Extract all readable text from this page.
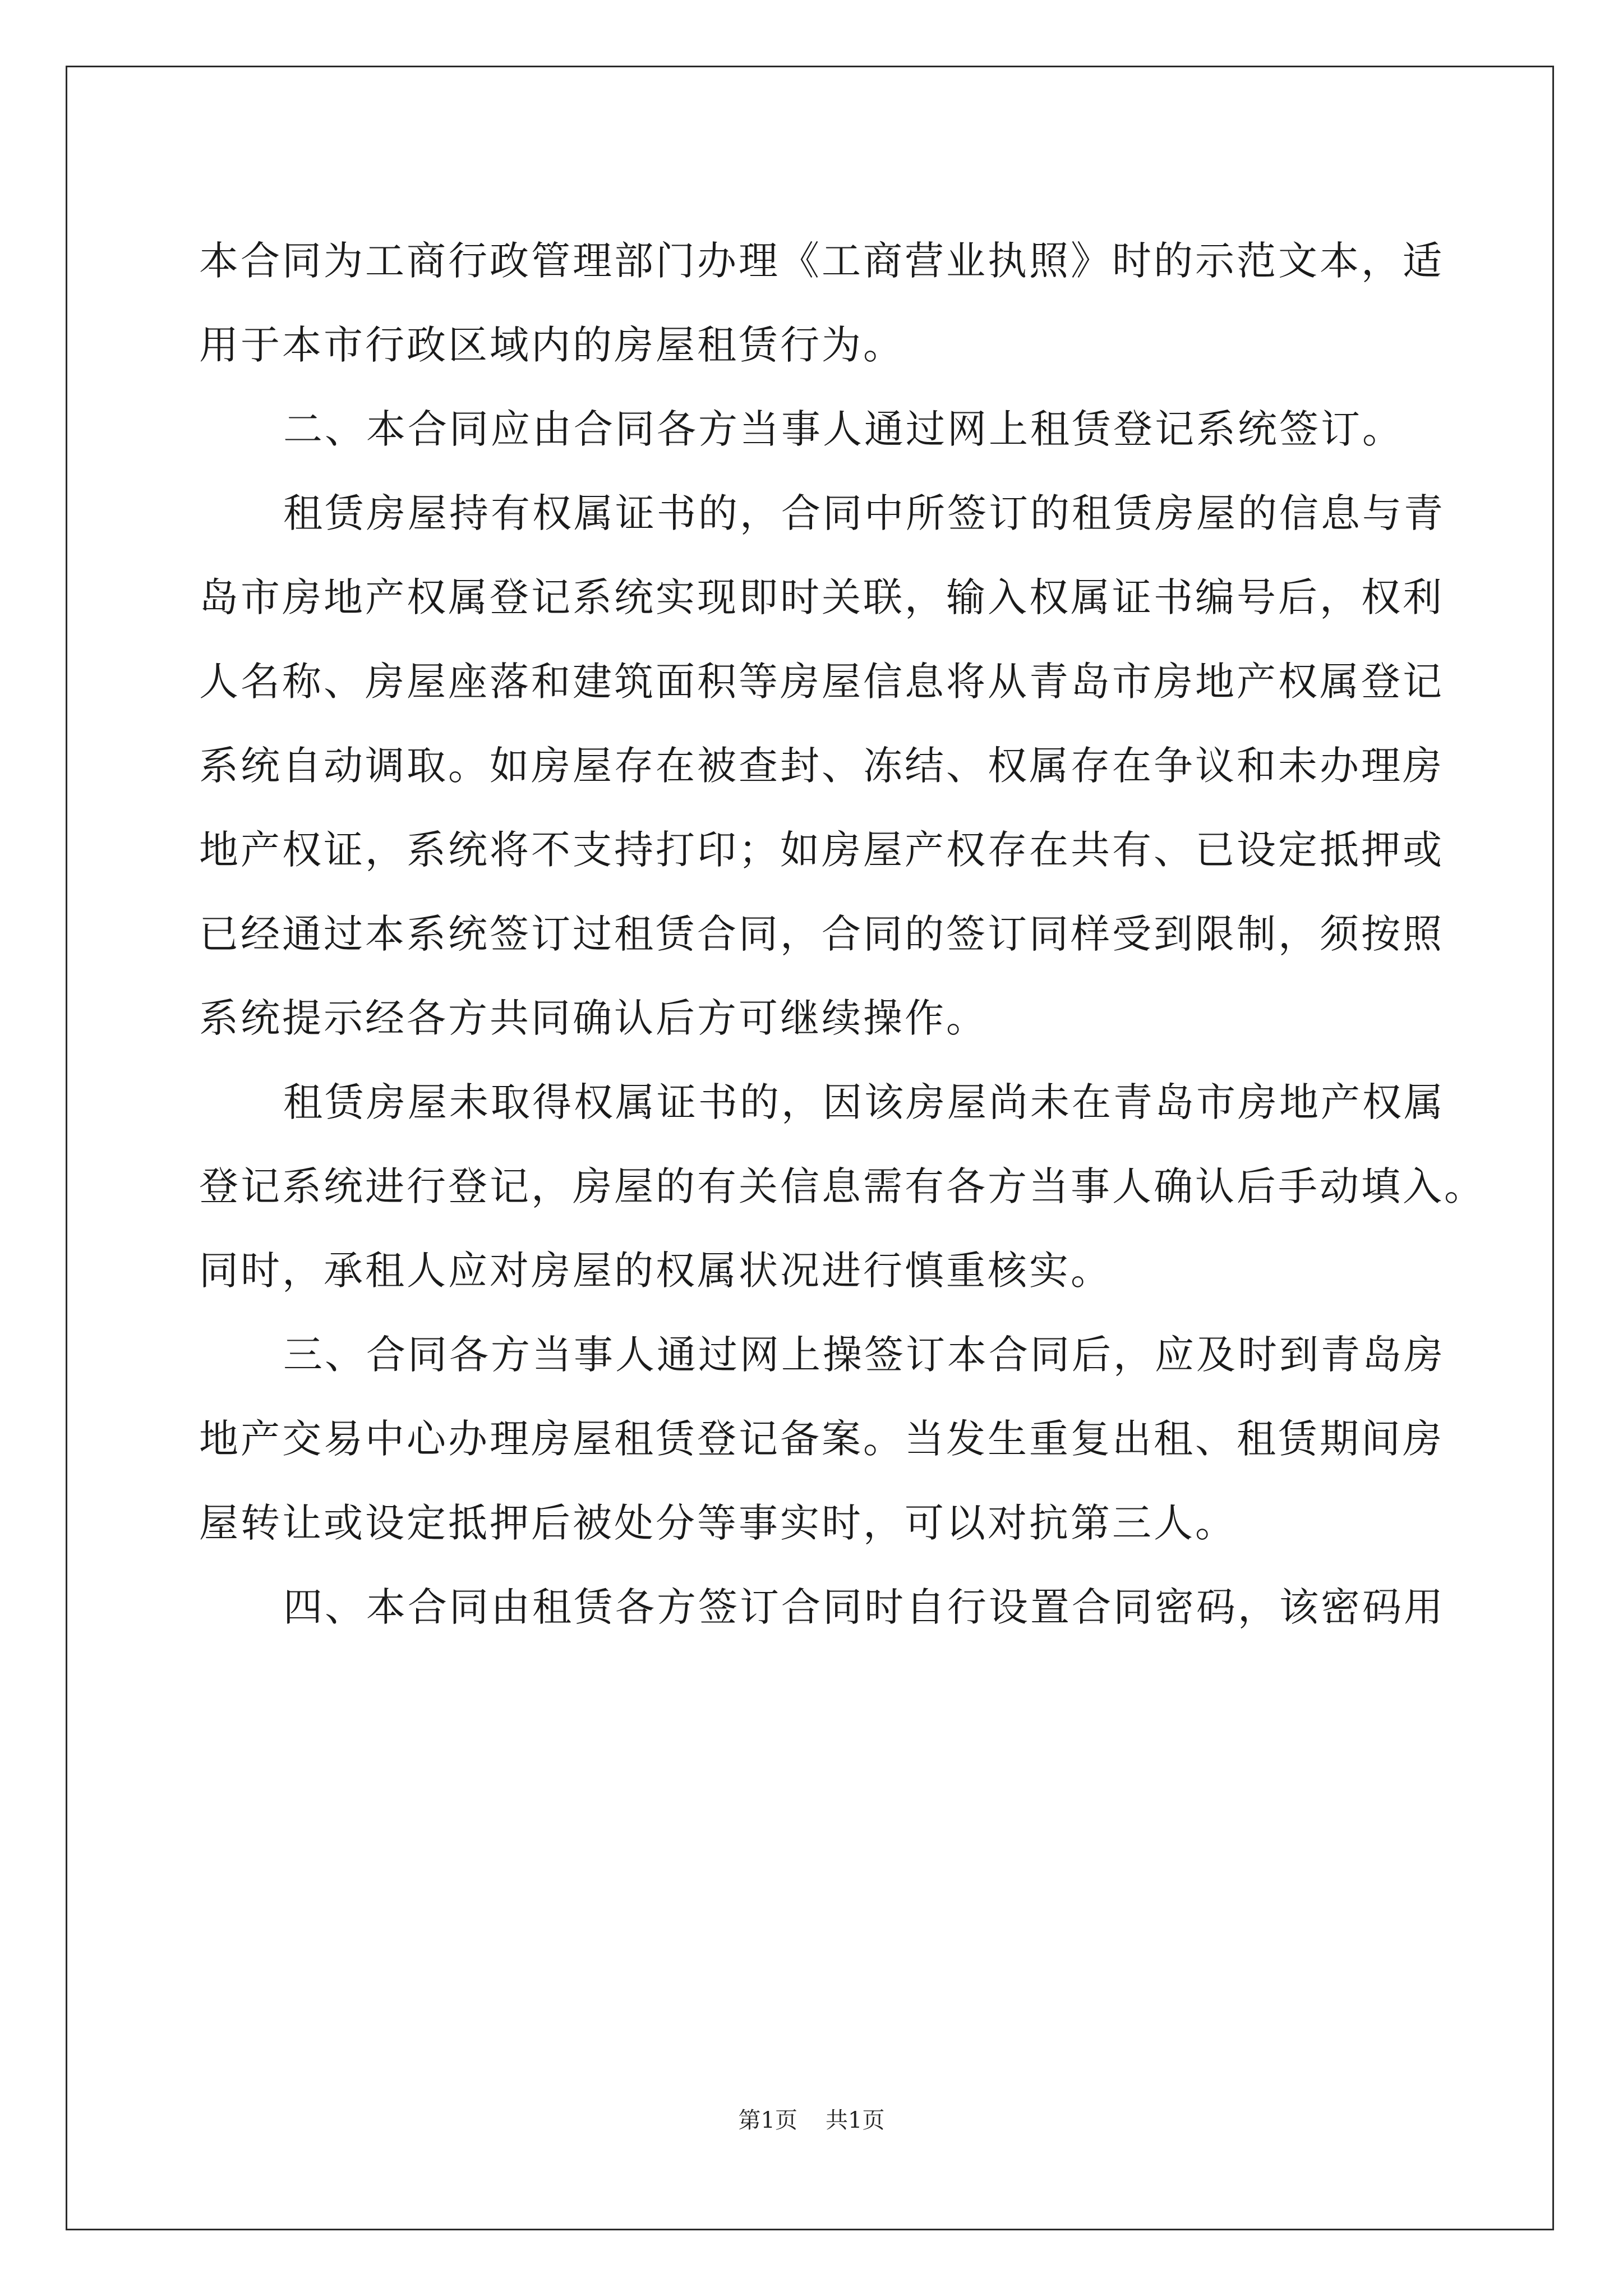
本合同为工商行政管理部门办理《工商营业执照》时的示范文本，适
用于本市行政区域内的房屋租赁行为。
二、本合同应由合同各方当事人通过网上租赁登记系统签订。
租赁房屋持有权属证书的，合同中所签订的租赁房屋的信息与青
岛市房地产权属登记系统实现即时关联，输入权属证书编号后，权利
人名称、房屋座落和建筑面积等房屋信息将从青岛市房地产权属登记
系统自动调取。如房屋存在被查封、冻结、权属存在争议和未办理房
地产权证，系统将不支持打印；如房屋产权存在共有、已设定抵押或
已经通过本系统签订过租赁合同，合同的签订同样受到限制，须按照
系统提示经各方共同确认后方可继续操作。
租赁房屋未取得权属证书的，因该房屋尚未在青岛市房地产权属
登记系统进行登记，房屋的有关信息需有各方当事人确认后手动填入。
同时，承租人应对房屋的权属状况进行慎重核实。
三、合同各方当事人通过网上操签订本合同后，应及时到青岛房
地产交易中心办理房屋租赁登记备案。当发生重复出租、租赁期间房
屋转让或设定抵押后被处分等事实时，可以对抗第三人。
四、本合同由租赁各方签订合同时自行设置合同密码，该密码用
第1页 共1页
